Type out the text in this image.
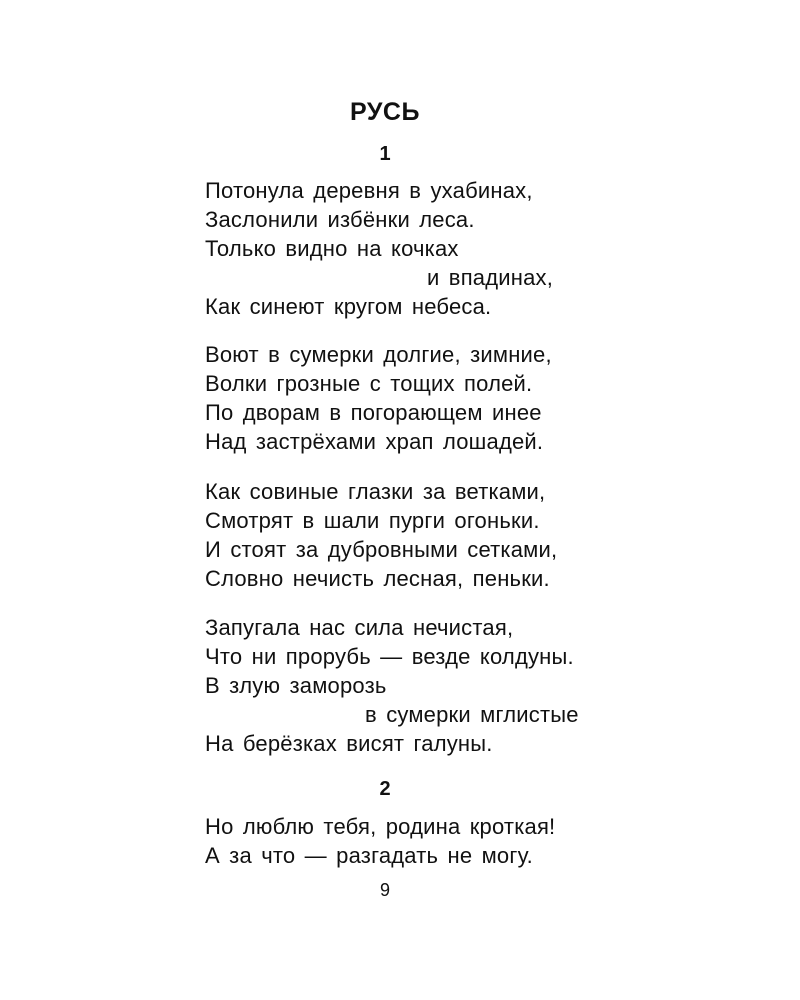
РУСЬ
1
Потонула деревня в ухабинах,
Заслонили избёнки леса.
Только видно на кочках
и впадинах,
Как синеют кругом небеса.
Воют в сумерки долгие, зимние,
Волки грозные с тощих полей.
По дворам в погорающем инее
Над застрёхами храп лошадей.
Как совиные глазки за ветками,
Смотрят в шали пурги огоньки.
И стоят за дубровными сетками,
Словно нечисть лесная, пеньки.
Запугала нас сила нечистая,
Что ни прорубь — везде колдуны.
В злую заморозь
в сумерки мглистые
На берёзках висят галуны.
2
Но люблю тебя, родина кроткая!
А за что — разгадать не могу.
9
